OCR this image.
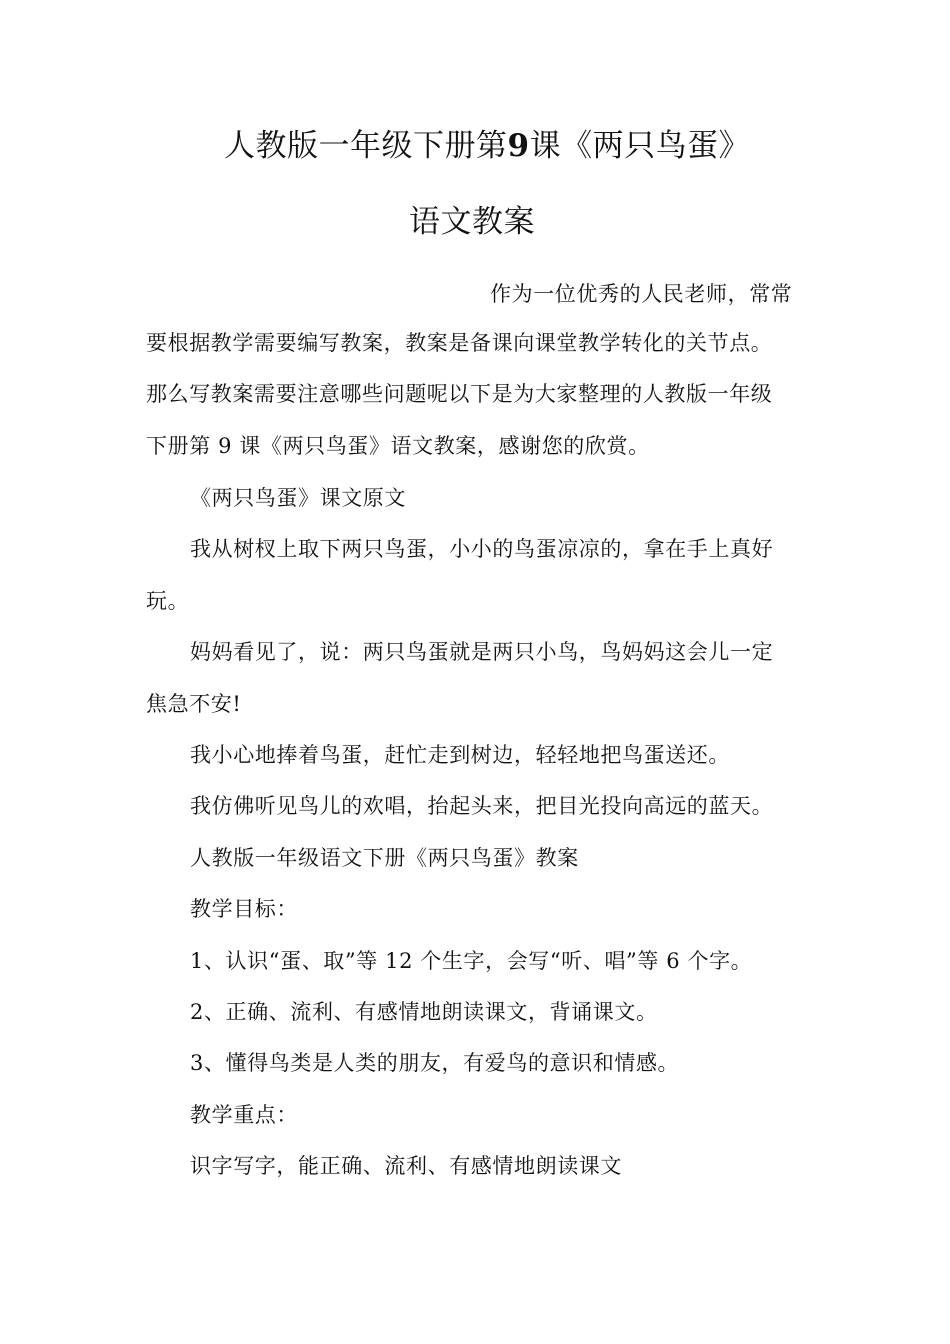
人教版一年级下册第9课《两只鸟蛋》
语文教案
作为一位优秀的人民老师，常常
要根据教学需要编写教案，教案是备课向课堂教学转化的关节点。
那么写教案需要注意哪些问题呢以下是为大家整理的人教版一年级
下册第 9 课《两只鸟蛋》语文教案，感谢您的欣赏。
《两只鸟蛋》课文原文
我从树杈上取下两只鸟蛋，小小的鸟蛋凉凉的，拿在手上真好
玩。
妈妈看见了，说：两只鸟蛋就是两只小鸟，鸟妈妈这会儿一定
焦急不安!
我小心地捧着鸟蛋，赶忙走到树边，轻轻地把鸟蛋送还。
我仿佛听见鸟儿的欢唱，抬起头来，把目光投向高远的蓝天。
人教版一年级语文下册《两只鸟蛋》教案
教学目标：
1、认识“蛋、取”等 12 个生字，会写“听、唱”等 6 个字。
2、正确、流利、有感情地朗读课文，背诵课文。
3、懂得鸟类是人类的朋友，有爱鸟的意识和情感。
教学重点：
识字写字，能正确、流利、有感情地朗读课文
